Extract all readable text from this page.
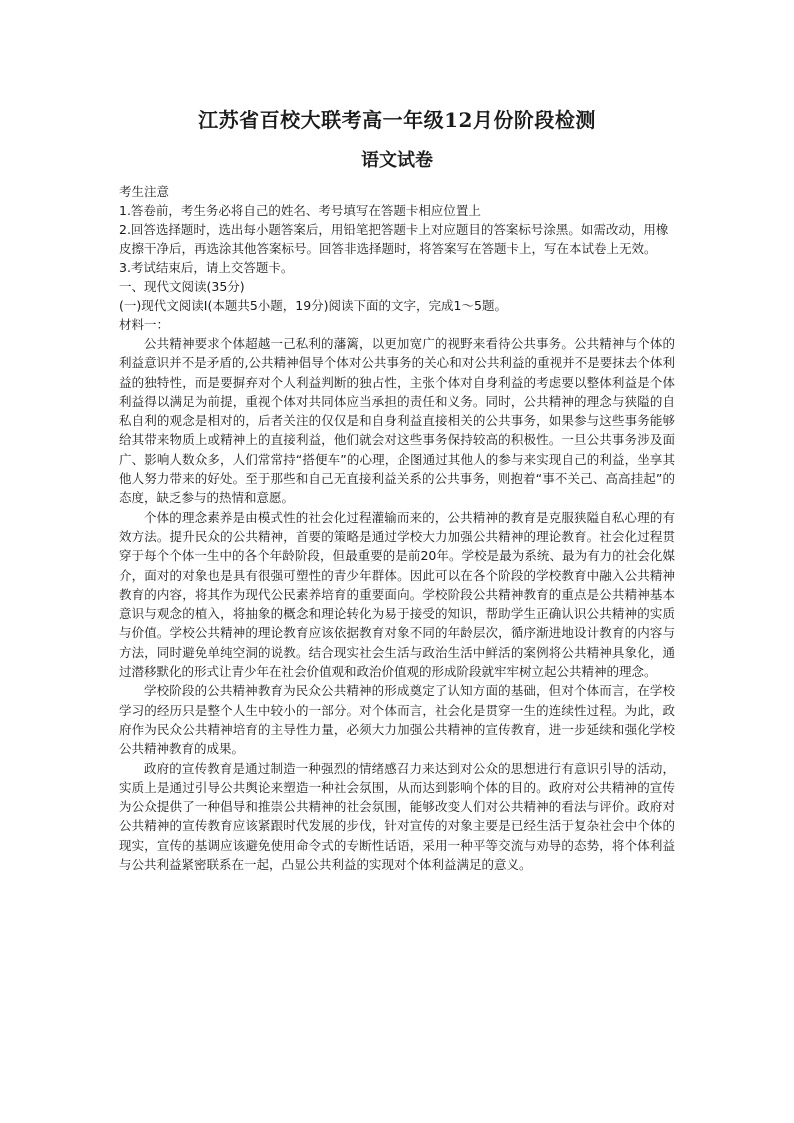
江苏省百校大联考高一年级12月份阶段检测
语文试卷

考生注意

1.答卷前，考生务必将自己的姓名、考号填写在答题卡相应位置上

2.回答选择题时，选出每小题答案后，用铅笔把答题卡上对应题目的答案标号涂黑。如需改动，用橡皮擦干净后，再选涂其他答案标号。回答非选择题时，将答案写在答题卡上，写在本试卷上无效。

3.考试结束后，请上交答题卡。

一、现代文阅读(35分)

(一)现代文阅读I(本题共5小题，19分)阅读下面的文字，完成1～5题。

材料一：

公共精神要求个体超越一己私利的藩篱，以更加宽广的视野来看待公共事务。公共精神与个体的利益意识并不是矛盾的,公共精神倡导个体对公共事务的关心和对公共利益的重视并不是要抹去个体利益的独特性，而是要摒弃对个人利益判断的独占性，主张个体对自身利益的考虑要以整体利益是个体利益得以满足为前提，重视个体对共同体应当承担的责任和义务。同时，公共精神的理念与狭隘的自私自利的观念是相对的，后者关注的仅仅是和自身利益直接相关的公共事务，如果参与这些事务能够给其带来物质上或精神上的直接利益，他们就会对这些事务保持较高的积极性。一旦公共事务涉及面广、影响人数众多，人们常常持“搭便车”的心理，企图通过其他人的参与来实现自己的利益，坐享其他人努力带来的好处。至于那些和自己无直接利益关系的公共事务，则抱着“事不关己、高高挂起”的态度，缺乏参与的热情和意愿。

个体的理念素养是由模式性的社会化过程灌输而来的，公共精神的教育是克服狭隘自私心理的有效方法。提升民众的公共精神，首要的策略是通过学校大力加强公共精神的理论教育。社会化过程贯穿于每个个体一生中的各个年龄阶段，但最重要的是前20年。学校是最为系统、最为有力的社会化媒介，面对的对象也是具有很强可塑性的青少年群体。因此可以在各个阶段的学校教育中融入公共精神教育的内容，将其作为现代公民素养培育的重要面向。学校阶段公共精神教育的重点是公共精神基本意识与观念的植入，将抽象的概念和理论转化为易于接受的知识，帮助学生正确认识公共精神的实质与价值。学校公共精神的理论教育应该依据教育对象不同的年龄层次，循序渐进地设计教育的内容与方法，同时避免单纯空洞的说教。结合现实社会生活与政治生活中鲜活的案例将公共精神具象化，通过潜移默化的形式让青少年在社会价值观和政治价值观的形成阶段就牢牢树立起公共精神的理念。

学校阶段的公共精神教育为民众公共精神的形成奠定了认知方面的基础，但对个体而言，在学校学习的经历只是整个人生中较小的一部分。对个体而言，社会化是贯穿一生的连续性过程。为此，政府作为民众公共精神培育的主导性力量，必须大力加强公共精神的宣传教育，进一步延续和强化学校公共精神教育的成果。

政府的宣传教育是通过制造一种强烈的情绪感召力来达到对公众的思想进行有意识引导的活动，实质上是通过引导公共舆论来塑造一种社会氛围，从而达到影响个体的目的。政府对公共精神的宣传为公众提供了一种倡导和推崇公共精神的社会氛围，能够改变人们对公共精神的看法与评价。政府对公共精神的宣传教育应该紧跟时代发展的步伐，针对宣传的对象主要是已经生活于复杂社会中个体的现实，宣传的基调应该避免使用命令式的专断性话语，采用一种平等交流与劝导的态势，将个体利益与公共利益紧密联系在一起，凸显公共利益的实现对个体利益满足的意义。
